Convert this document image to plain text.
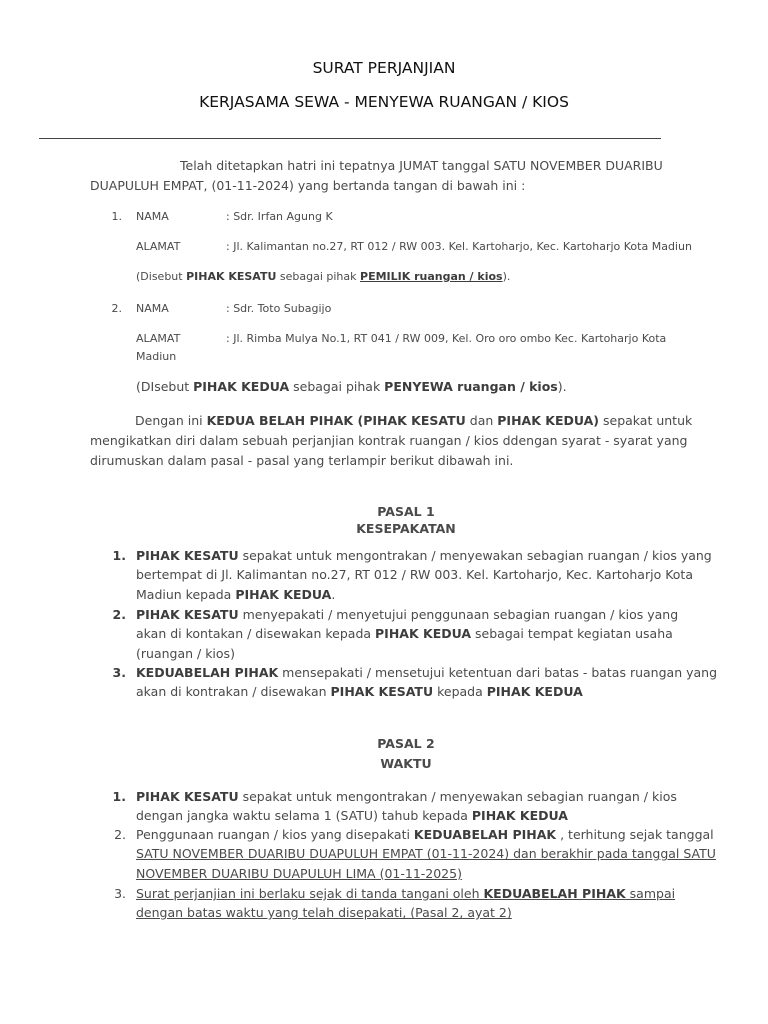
SURAT PERJANJIAN
KERJASAMA SEWA - MENYEWA RUANGAN / KIOS
Telah ditetapkan hatri ini tepatnya JUMAT tanggal SATU NOVEMBER DUARIBU
DUAPULUH EMPAT, (01-11-2024) yang bertanda tangan di bawah ini :
1. NAMA	: Sdr. Irfan Agung K
ALAMAT	: Jl. Kalimantan no.27, RT 012 / RW 003. Kel. Kartoharjo, Kec. Kartoharjo Kota Madiun
(Disebut PIHAK KESATU sebagai pihak PEMILIK ruangan / kios).
2. NAMA	: Sdr. Toto Subagijo
ALAMAT	: Jl. Rimba Mulya No.1, RT 041 / RW 009, Kel. Oro oro ombo Kec. Kartoharjo Kota
Madiun
(DIsebut PIHAK KEDUA sebagai pihak PENYEWA ruangan / kios).
Dengan ini KEDUA BELAH PIHAK (PIHAK KESATU dan PIHAK KEDUA) sepakat untuk
mengikatkan diri dalam sebuah perjanjian kontrak ruangan / kios ddengan syarat - syarat yang
dirumuskan dalam pasal - pasal yang terlampir berikut dibawah ini.
PASAL 1
KESEPAKATAN
1. PIHAK KESATU sepakat untuk mengontrakan / menyewakan sebagian ruangan / kios yang
bertempat di Jl. Kalimantan no.27, RT 012 / RW 003. Kel. Kartoharjo, Kec. Kartoharjo Kota
Madiun kepada PIHAK KEDUA.
2. PIHAK KESATU menyepakati / menyetujui penggunaan sebagian ruangan / kios yang
akan di kontakan / disewakan kepada PIHAK KEDUA sebagai tempat kegiatan usaha
(ruangan / kios)
3. KEDUABELAH PIHAK mensepakati / mensetujui ketentuan dari batas - batas ruangan yang
akan di kontrakan / disewakan PIHAK KESATU kepada PIHAK KEDUA
PASAL 2
WAKTU
1. PIHAK KESATU sepakat untuk mengontrakan / menyewakan sebagian ruangan / kios
dengan jangka waktu selama 1 (SATU) tahub kepada PIHAK KEDUA
2. Penggunaan ruangan / kios yang disepakati KEDUABELAH PIHAK , terhitung sejak tanggal
SATU NOVEMBER DUARIBU DUAPULUH EMPAT (01-11-2024) dan berakhir pada tanggal SATU
NOVEMBER DUARIBU DUAPULUH LIMA (01-11-2025)
3. Surat perjanjian ini berlaku sejak di tanda tangani oleh KEDUABELAH PIHAK sampai
dengan batas waktu yang telah disepakati, (Pasal 2, ayat 2)
